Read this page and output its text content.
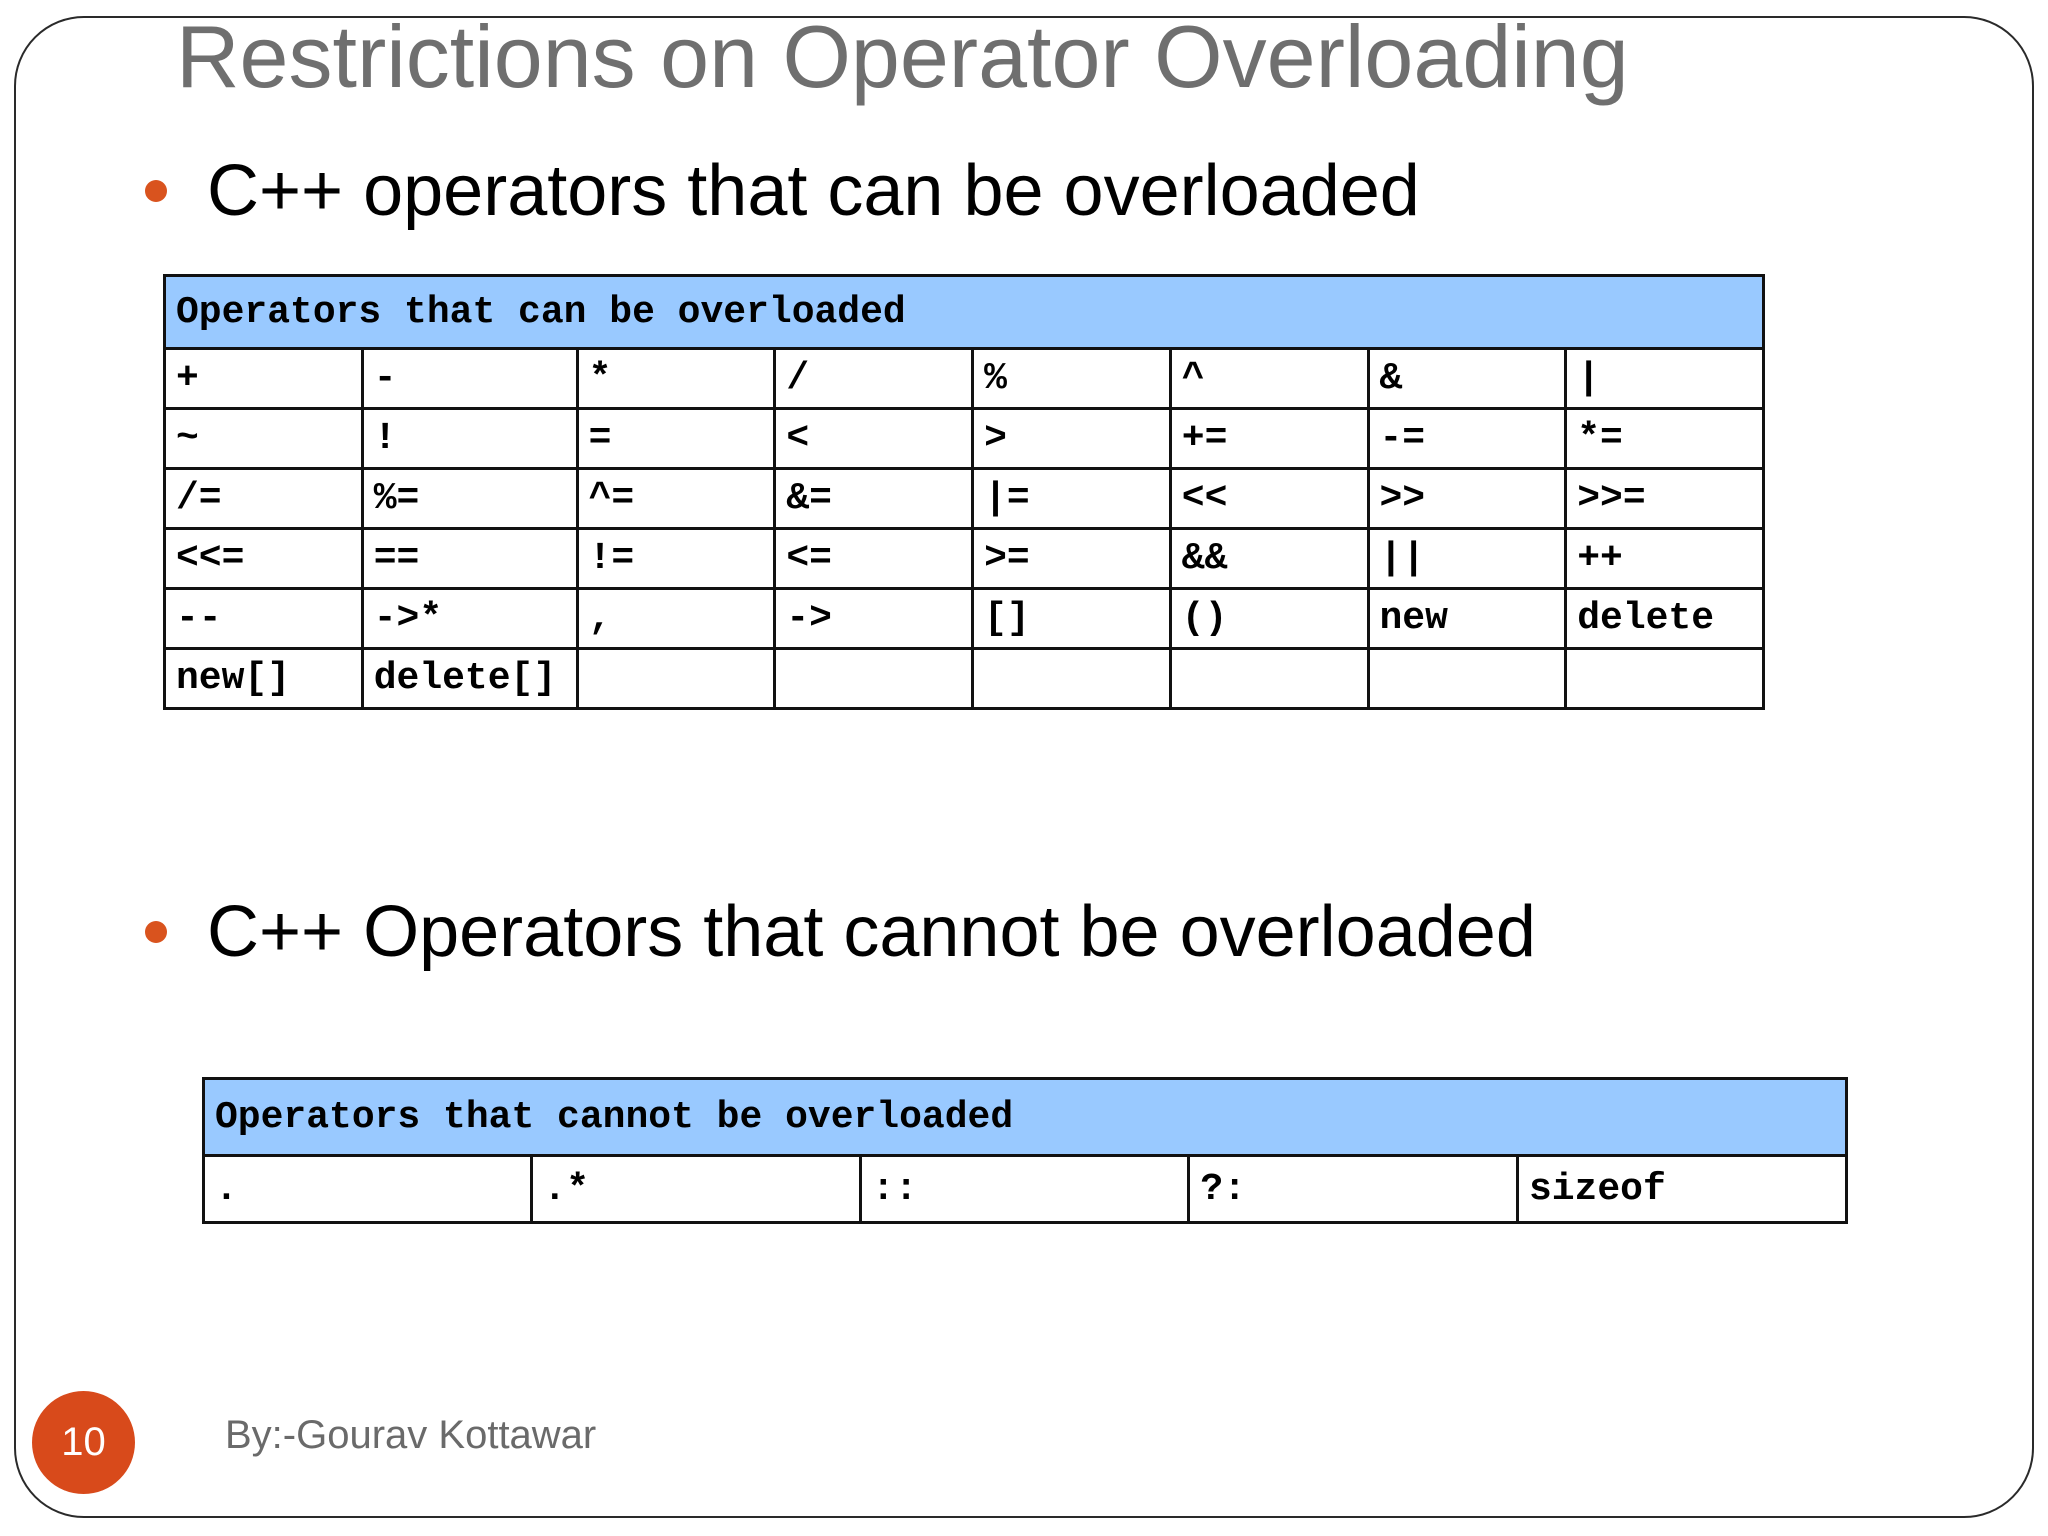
Restrictions on Operator Overloading
C++ operators that can be overloaded
Operators that can be overloaded							
+	-	*	/	%	^	&	|
~	!	=	<	>	+=	-=	*=
/=	%=	^=	&=	|=	<<	>>	>>=
<<=	==	!=	<=	>=	&&	||	++
--	->*	,	->	[]	()	new	delete
new[]	delete[]						
C++ Operators that cannot be overloaded
Operators that cannot be overloaded
.	.*	::	?:	sizeof
10	By:-Gourav Kottawar
